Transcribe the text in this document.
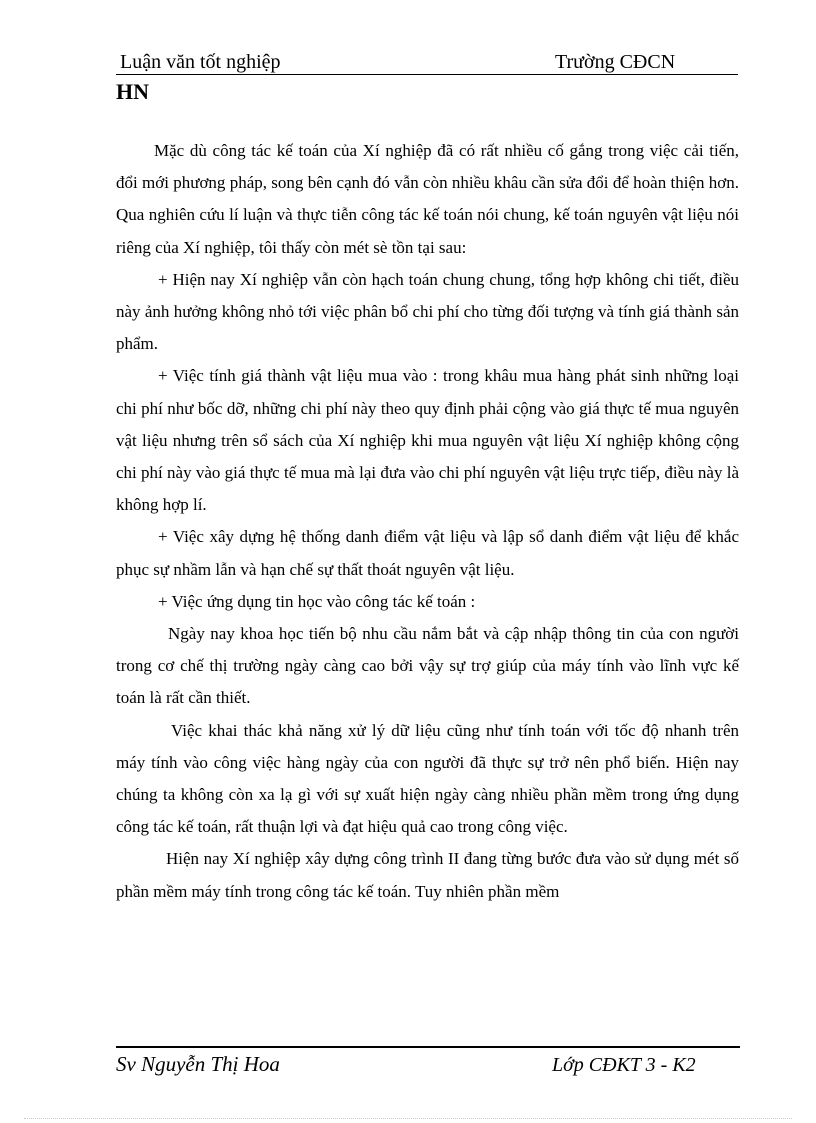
Luận văn tốt nghiệp	Trường CĐCN
HN

Mặc dù công tác kế toán của Xí nghiệp đã có rất nhiều cố gắng trong việc cải tiến, đổi mới phương pháp, song bên cạnh đó vẫn còn nhiều khâu cần sửa đổi để hoàn thiện hơn. Qua nghiên cứu lí luận và thực tiễn công tác kế toán nói chung, kế toán nguyên vật liệu nói riêng của Xí nghiệp, tôi thấy còn mét sè tồn tại sau:

+ Hiện nay Xí nghiệp vẫn còn hạch toán chung chung, tổng hợp không chi tiết, điều này ảnh hưởng không nhỏ tới việc phân bổ chi phí cho từng đối tượng và tính giá thành sản phẩm.

+ Việc tính giá thành vật liệu mua vào : trong khâu mua hàng phát sinh những loại chi phí như bốc dỡ, những chi phí này theo quy định phải cộng vào giá thực tế mua nguyên vật liệu nhưng trên sổ sách của Xí nghiệp khi mua nguyên vật liệu Xí nghiệp không cộng chi phí này vào giá thực tế mua mà lại đưa vào chi phí nguyên vật liệu trực tiếp, điều này là không hợp lí.

+ Việc xây dựng hệ thống danh điểm vật liệu và lập sổ danh điểm vật liệu để khắc phục sự nhầm lẫn và hạn chế sự thất thoát nguyên vật liệu.

+ Việc ứng dụng tin học vào công tác kế toán :

Ngày nay khoa học tiến bộ nhu cầu nắm bắt và cập nhập thông tin của con người trong cơ chế thị trường ngày càng cao bởi vậy sự trợ giúp của máy tính vào lĩnh vực kế toán là rất cần thiết.

Việc khai thác khả năng xử lý dữ liệu cũng như tính toán với tốc độ nhanh trên máy tính vào công việc hàng ngày của con người đã thực sự trở nên phổ biến. Hiện nay chúng ta không còn xa lạ gì với sự xuất hiện ngày càng nhiều phần mềm trong ứng dụng công tác kế toán, rất thuận lợi và đạt hiệu quả cao trong công việc.

Hiện nay Xí nghiệp xây dựng công trình II đang từng bước đưa vào sử dụng mét số phần mềm máy tính trong công tác kế toán. Tuy nhiên phần mềm

Sv Nguyễn Thị Hoa	Lớp CĐKT 3 - K2
